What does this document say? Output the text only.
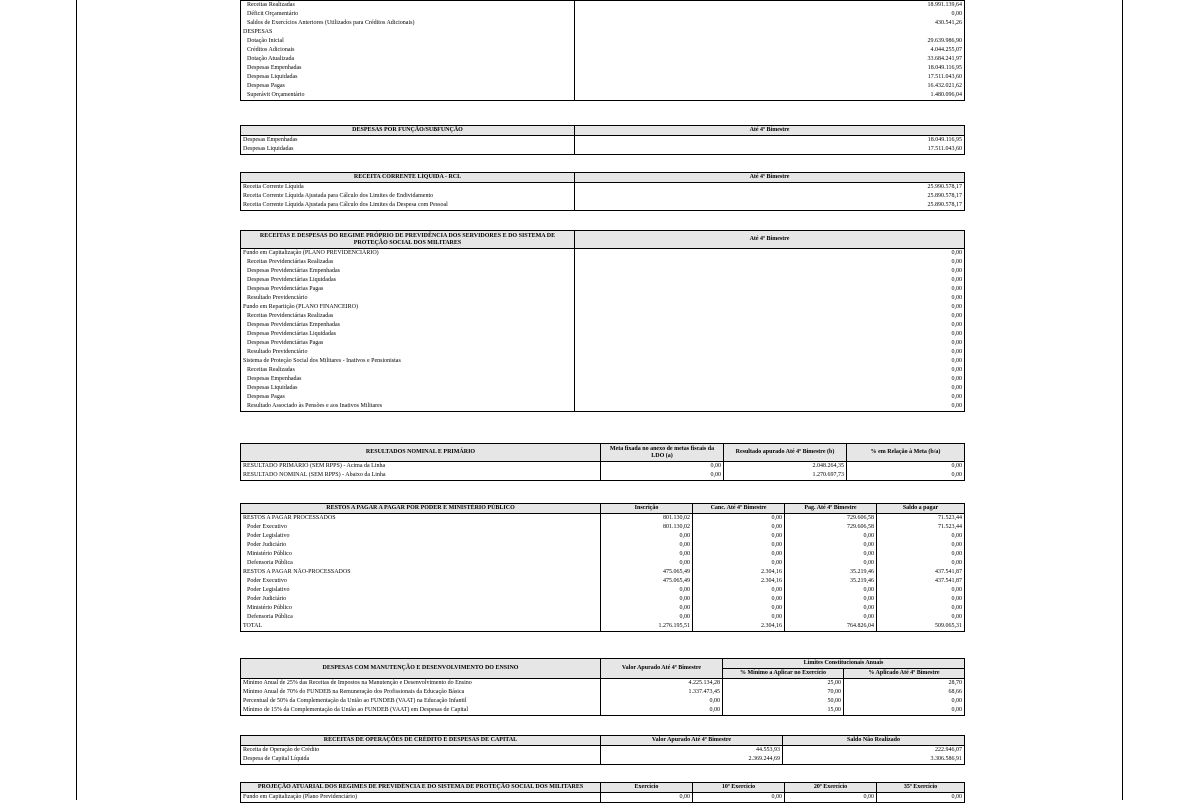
Receitas Realizadas	18.991.139,64
Déficit Orçamentário	0,00
Saldos de Exercícios Anteriores (Utilizados para Créditos Adicionais)	430.541,26
DESPESAS	
Dotação Inicial	29.639.986,90
Créditos Adicionais	4.044.255,07
Dotação Atualizada	33.684.241,97
Despesas Empenhadas	18.049.116,95
Despesas Liquidadas	17.511.043,60
Despesas Pagas	16.432.021,62
Superávit Orçamentário	1.480.096,04
DESPESAS POR FUNÇÃO/SUBFUNÇÃO	Até 4º Bimestre
Despesas Empenhadas	18.049.116,95
Despesas Liquidadas	17.511.043,60
RECEITA CORRENTE LÍQUIDA - RCL	Até 4º Bimestre
Receita Corrente Líquida	25.990.578,17
Receita Corrente Líquida Ajustada para Cálculo dos Limites de Endividamento	25.890.578,17
Receita Corrente Líquida Ajustada para Cálculo dos Limites da Despesa com Pessoal	25.890.578,17
RECEITAS E DESPESAS DO REGIME PRÓPRIO DE PREVIDÊNCIA DOS SERVIDORES E DO SISTEMA DE PROTEÇÃO SOCIAL DOS MILITARES	Até 4º Bimestre
Fundo em Capitalização (PLANO PREVIDENCIÁRIO)	0,00
Receitas Previdenciárias Realizadas	0,00
Despesas Previdenciárias Empenhadas	0,00
Despesas Previdenciárias Liquidadas	0,00
Despesas Previdenciárias Pagas	0,00
Resultado Previdenciário	0,00
Fundo em Repartição (PLANO FINANCEIRO)	0,00
Receitas Previdenciárias Realizadas	0,00
Despesas Previdenciárias Empenhadas	0,00
Despesas Previdenciárias Liquidadas	0,00
Despesas Previdenciárias Pagas	0,00
Resultado Previdenciário	0,00
Sistema de Proteção Social dos Militares - Inativos e Pensionistas	0,00
Receitas Realizadas	0,00
Despesas Empenhadas	0,00
Despesas Liquidadas	0,00
Despesas Pagas	0,00
Resultado Associado às Pensões e aos Inativos Militares	0,00
RESULTADOS NOMINAL E PRIMÁRIO	Meta fixada no anexo de metas fiscais da LDO (a)	Resultado apurado Até 4º Bimestre (b)	% em Relação à Meta (b/a)
RESULTADO PRIMÁRIO (SEM RPPS) - Acima da Linha	0,00	2.048.264,35	0,00
RESULTADO NOMINAL (SEM RPPS) - Abaixo da Linha	0,00	1.270.697,73	0,00
RESTOS A PAGAR A PAGAR POR PODER E MINISTÉRIO PÚBLICO	Inscrição	Canc. Até 4º Bimestre	Pag. Até 4º Bimestre	Saldo a pagar
RESTOS A PAGAR PROCESSADOS	801.130,02	0,00	729.606,58	71.523,44
Poder Executivo	801.130,02	0,00	729.606,58	71.523,44
Poder Legislativo	0,00	0,00	0,00	0,00
Poder Judiciário	0,00	0,00	0,00	0,00
Ministério Público	0,00	0,00	0,00	0,00
Defensoria Pública	0,00	0,00	0,00	0,00
RESTOS A PAGAR NÃO-PROCESSADOS	475.065,49	2.304,16	35.219,46	437.541,87
Poder Executivo	475.065,49	2.304,16	35.219,46	437.541,87
Poder Legislativo	0,00	0,00	0,00	0,00
Poder Judiciário	0,00	0,00	0,00	0,00
Ministério Público	0,00	0,00	0,00	0,00
Defensoria Pública	0,00	0,00	0,00	0,00
TOTAL	1.276.195,51	2.304,16	764.826,04	509.065,31
DESPESAS COM MANUTENÇÃO E DESENVOLVIMENTO DO ENSINO	Valor Apurado Até 4º Bimestre	Limites Constitucionais Anuais	
		% Mínimo a Aplicar no Exercício	% Aplicado Até 4º Bimestre
Mínimo Anual de 25% das Receitas de Impostos na Manutenção e Desenvolvimento do Ensino	4.225.134,28	25,00	28,70
Mínimo Anual de 70% do FUNDEB na Remuneração dos Profissionais da Educação Básica	1.337.473,45	70,00	68,66
Percentual de 50% da Complementação da União ao FUNDEB (VAAT) na Educação Infantil	0,00	50,00	0,00
Mínimo de 15% da Complementação da União ao FUNDEB (VAAT) em Despesas de Capital	0,00	15,00	0,00
RECEITAS DE OPERAÇÕES DE CRÉDITO E DESPESAS DE CAPITAL	Valor Apurado Até 4º Bimestre	Saldo Não Realizado
Receita de Operação de Crédito	44.553,93	222.946,07
Despesa de Capital Líquida	2.369.244,69	3.306.586,91
PROJEÇÃO ATUARIAL DOS REGIMES DE PREVIDÊNCIA E DO SISTEMA DE PROTEÇÃO SOCIAL DOS MILITARES	Exercício	10º Exercício	20º Exercício	35º Exercício
Fundo em Capitalização (Plano Previdenciário)	0,00	0,00	0,00	0,00
